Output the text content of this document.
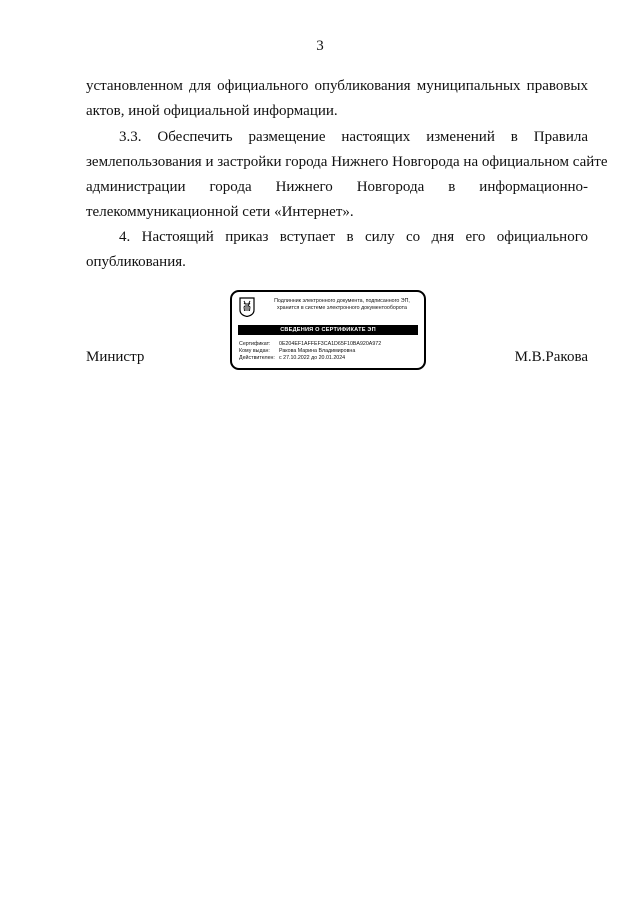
3
установленном для официального опубликования муниципальных правовых
актов, иной официальной информации.
3.3. Обеспечить размещение настоящих изменений в Правила
землепользования и застройки города Нижнего Новгорода на официальном сайте
администрации города Нижнего Новгорода в информационно-
телекоммуникационной сети «Интернет».
4. Настоящий приказ вступает в силу со дня его официального
опубликования.
Министр	М.В.Ракова
Подлинник электронного документа, подписанного ЭП,
хранится в системе электронного документооборота
СВЕДЕНИЯ О СЕРТИФИКАТЕ ЭП
Сертификат: 0E204EF1AFFEF3CA1D65F10BA920A972
Кому выдан: Ракова Марина Владимировна
Действителен: с 27.10.2022 до 20.01.2024
